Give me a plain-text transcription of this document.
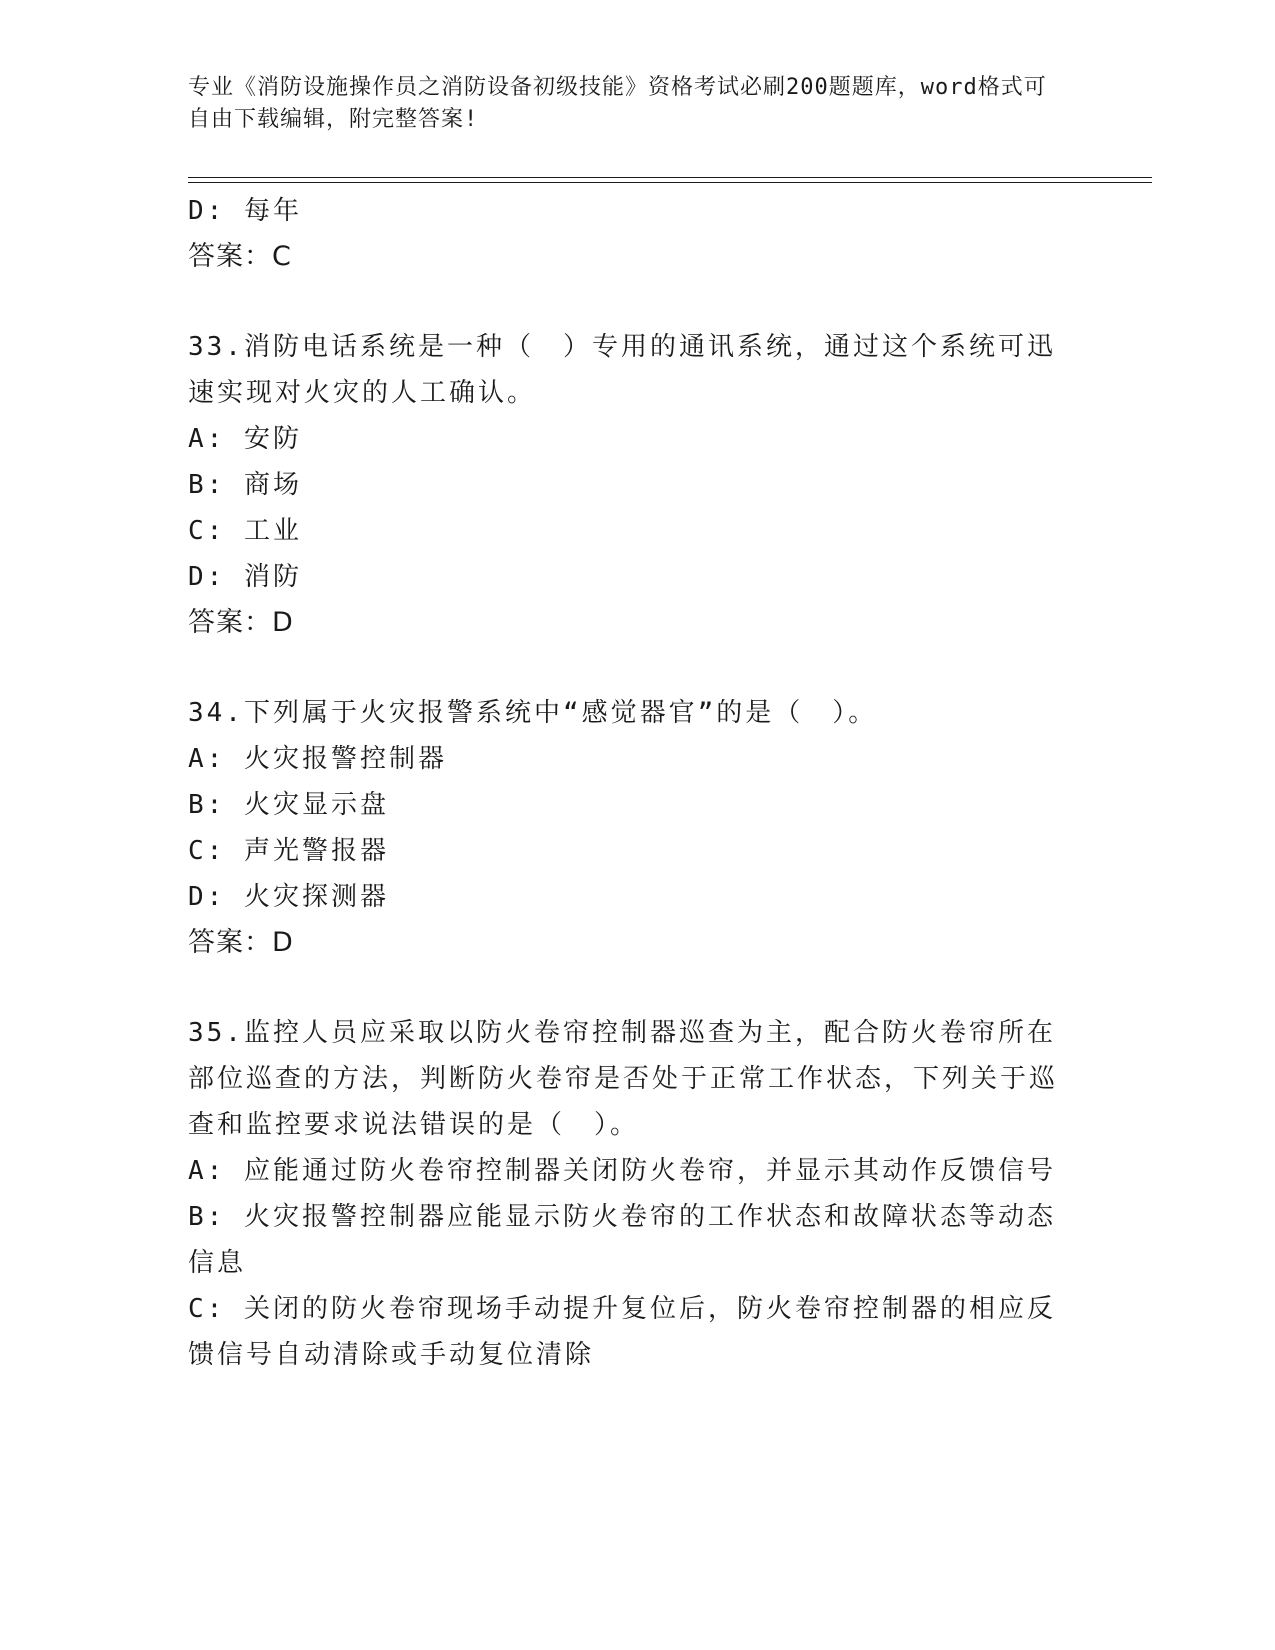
专业《消防设施操作员之消防设备初级技能》资格考试必刷200题题库，word格式可自由下载编辑，附完整答案!
D: 每年
答案：C
33.消防电话系统是一种（　）专用的通讯系统，通过这个系统可迅速实现对火灾的人工确认。
A: 安防
B: 商场
C: 工业
D: 消防
答案：D
34.下列属于火灾报警系统中“感觉器官”的是（　）。
A: 火灾报警控制器
B: 火灾显示盘
C: 声光警报器
D: 火灾探测器
答案：D
35.监控人员应采取以防火卷帘控制器巡查为主，配合防火卷帘所在部位巡查的方法，判断防火卷帘是否处于正常工作状态，下列关于巡查和监控要求说法错误的是（　）。
A: 应能通过防火卷帘控制器关闭防火卷帘，并显示其动作反馈信号
B: 火灾报警控制器应能显示防火卷帘的工作状态和故障状态等动态信息
C: 关闭的防火卷帘现场手动提升复位后，防火卷帘控制器的相应反馈信号自动清除或手动复位清除
